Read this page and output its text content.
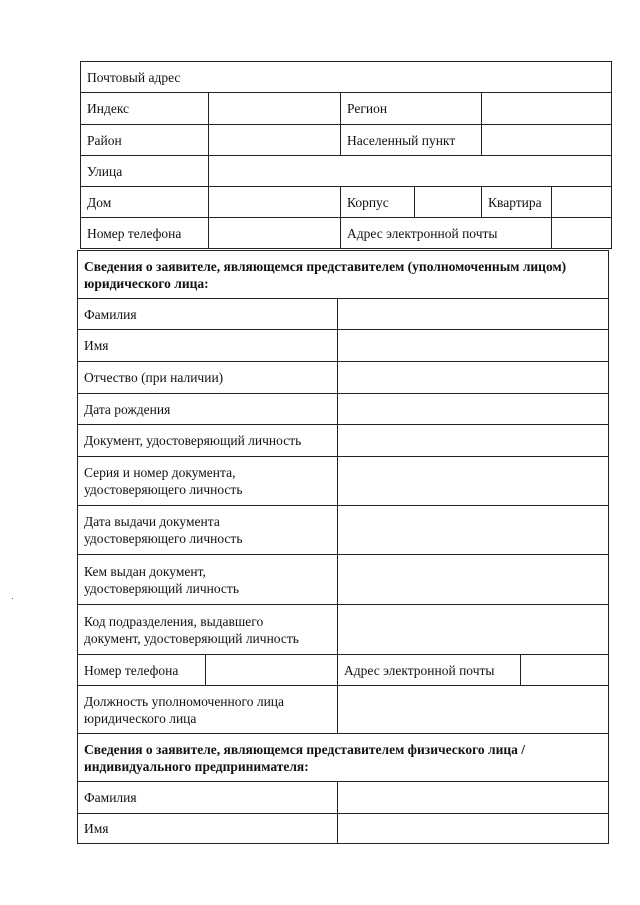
Почтовый адрес					
Индекс		Регион			
Район		Населенный пункт			
Улица					
Дом		Корпус		Квартира	
Номер телефона		Адрес электронной почты			
Сведения о заявителе, являющемся представителем (уполномоченным лицом) юридического лица:			
Фамилия			
Имя			
Отчество (при наличии)			
Дата рождения			
Документ, удостоверяющий личность			

Серия и номер документа,
удостоверяющего личность			

Дата выдачи документа
удостоверяющего личность			

Кем выдан документ,
удостоверяющий личность			

Код подразделения, выдавшего
документ, удостоверяющий личность			

Номер телефона		Адрес электронной почты	

Должность уполномоченного лица
юридического лица			

Сведения о заявителе, являющемся представителем физического лица / индивидуального предпринимателя:			
Фамилия			
Имя			
